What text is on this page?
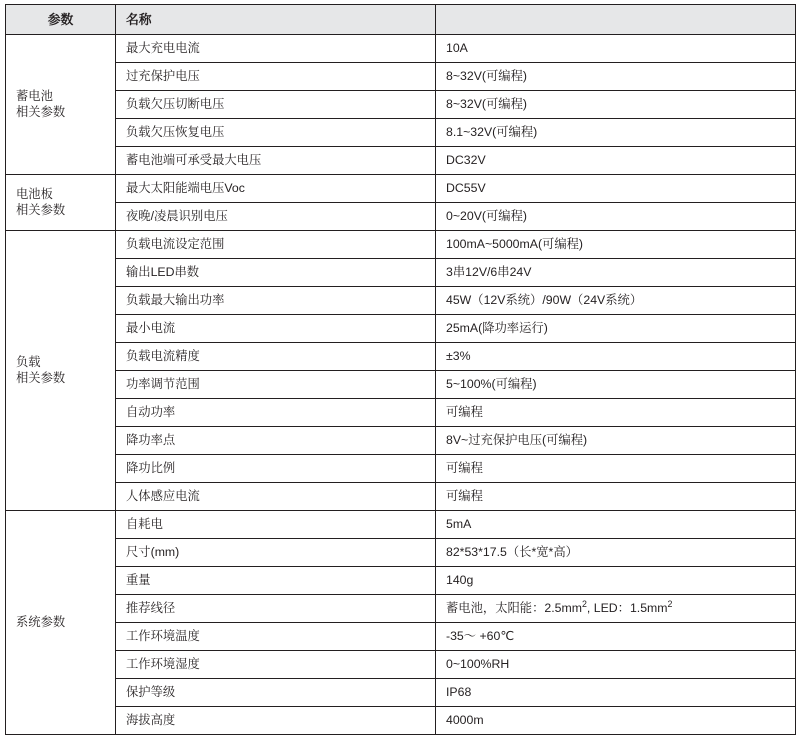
参数	名称	

蓄电池
相关参数	最大充电电流	10A
	过充保护电压	8~32V(可编程)
	负载欠压切断电压	8~32V(可编程)
	负载欠压恢复电压	8.1~32V(可编程)
	蓄电池端可承受最大电压	DC32V

电池板
相关参数	最大太阳能端电压Voc	DC55V
	夜晚/凌晨识别电压	0~20V(可编程)

负载
相关参数	负载电流设定范围	100mA~5000mA(可编程)
	输出LED串数	3串12V/6串24V
	负载最大输出功率	45W（12V系统）/90W（24V系统）
	最小电流	25mA(降功率运行)
	负载电流精度	±3%
	功率调节范围	5~100%(可编程)
	自动功率	可编程
	降功率点	8V~过充保护电压(可编程)
	降功比例	可编程
	人体感应电流	可编程

系统参数	自耗电	5mA
	尺寸(mm)	82*53*17.5（长*宽*高）
	重量	140g
	推荐线径	蓄电池，太阳能：$2.5mm^2$, LED：$1.5mm^2$
	工作环境温度	-35～ +60℃
	工作环境湿度	0~100%RH
	保护等级	IP68
	海拔高度	4000m
